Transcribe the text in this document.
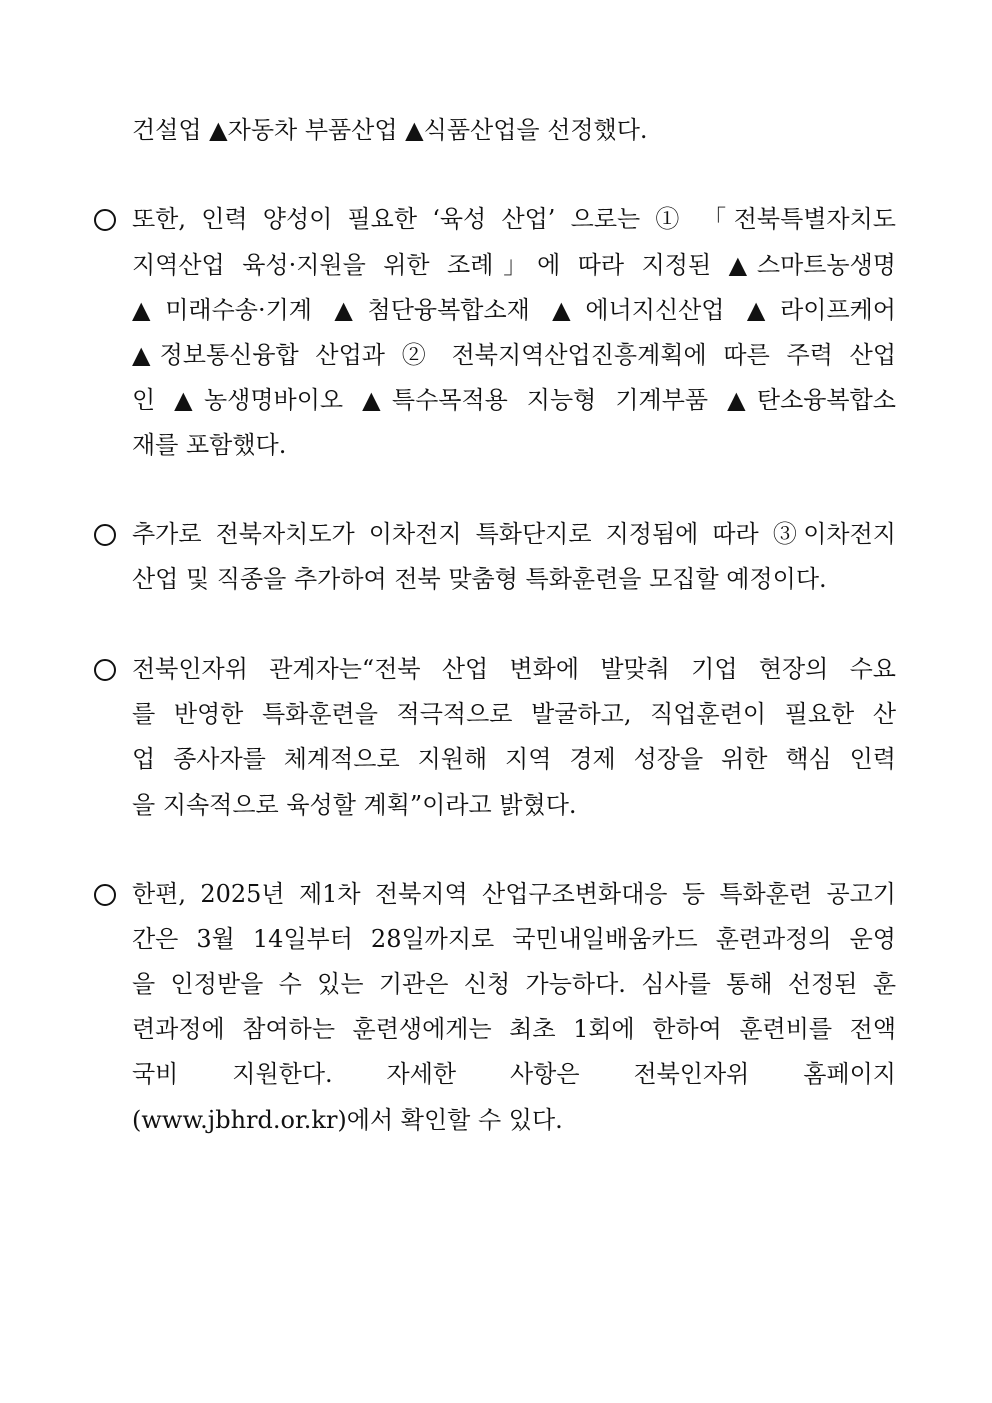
건설업 ▲자동차 부품산업 ▲식품산업을 선정했다.
또한, 인력 양성이 필요한 ‘육성 산업’ 으로는 ① 「전북특별자치도
지역산업 육성·지원을 위한 조례」에 따라 지정된 ▲스마트농생명
▲미래수송·기계 ▲첨단융복합소재 ▲에너지신산업 ▲라이프케어
▲정보통신융합 산업과 ② 전북지역산업진흥계획에 따른 주력 산업
인 ▲농생명바이오 ▲특수목적용 지능형 기계부품 ▲탄소융복합소
재를 포함했다.
추가로 전북자치도가 이차전지 특화단지로 지정됨에 따라 ③이차전지
산업 및 직종을 추가하여 전북 맞춤형 특화훈련을 모집할 예정이다.
전북인자위 관계자는“전북 산업 변화에 발맞춰 기업 현장의 수요
를 반영한 특화훈련을 적극적으로 발굴하고, 직업훈련이 필요한 산
업 종사자를 체계적으로 지원해 지역 경제 성장을 위한 핵심 인력
을 지속적으로 육성할 계획”이라고 밝혔다.
한편, 2025년 제1차 전북지역 산업구조변화대응 등 특화훈련 공고기
간은 3월 14일부터 28일까지로 국민내일배움카드 훈련과정의 운영
을 인정받을 수 있는 기관은 신청 가능하다. 심사를 통해 선정된 훈
련과정에 참여하는 훈련생에게는 최초 1회에 한하여 훈련비를 전액
국비 지원한다. 자세한 사항은 전북인자위 홈페이지
(www.jbhrd.or.kr)에서 확인할 수 있다.
